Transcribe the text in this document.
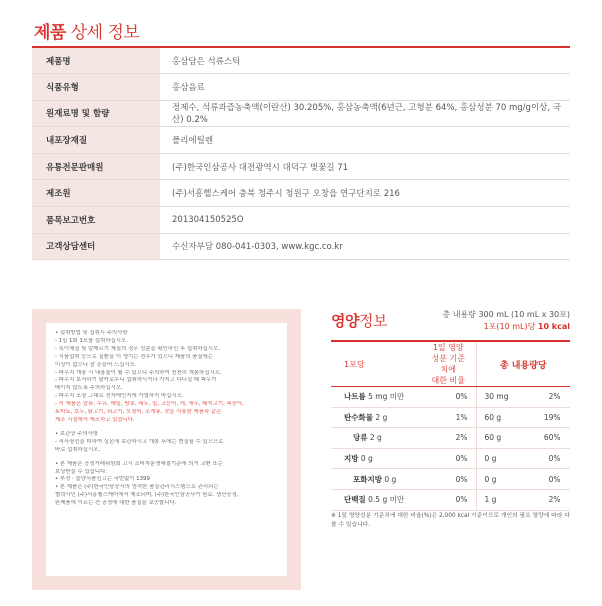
제품 상세 정보
제품명	홍삼담은 석류스틱
식품유형	홍삼음료
원재료명 및 함량	정제수, 석류과즙농축액(이란산) 30.205%, 홍삼농축액(6년근, 고형분 64%, 홍삼성분 70 mg/g이상, 국산) 0.2%
내포장재질	폴리에틸렌
유통전문판매원	(주)한국인삼공사 대전광역시 대덕구 벚꽃길 71
제조원	(주)서흥헬스케어 충북 청주시 청원구 오창읍 연구단지로 216
품목보고번호	201304150525O
고객상담센터	수신자부담 080-041-0303, www.kgc.co.kr
• 섭취방법 및 섭취시 주의사항
- 1일 1회 1포를 섭취하십시오.
- 특이체질 및 알레르기 체질의 경우 성분을 확인하신 후 섭취하십시오.
- 식품섭취 등으로 질환을 이 생기는 경우가 있으니 제품의 품질에는
이상이 없으니 잘 흔들어 드십시오.
- 파우치 개봉 시 내용물이 튈 수 있으니 주의하여 천천히 개봉하십시오.
- 파우치 보서하기 날카로우니 섭취하시거나 가지고 다니실 때 파우가
베이지 않도록 주의하십시오.
- 파우치 포장 그대로 전자레인지에 가열하지 마십시오.
- 이 제품은 알류, 우유, 메밀, 땅콩, 대두, 밀, 고등어, 게, 새우, 돼지고기, 복숭아,
토마토, 호두, 닭고기, 쇠고기, 오징어, 조개류, 잣을 사용한 제품과 같은
제조 시설에서 제조하고 있습니다.
• 보관상 주의사항
- 직사광선을 피하여 실온에 보관하시고 개봉 후에는 변질될 수 있으므로
바로 섭취하십시오.
• 본 제품은 공정거래위원회 고시 소비자분쟁해결기준에 의거 교환 또는
보상받을 수 있습니다.
• 부정 · 불량식품신고는 국번없이 1399
• 본 제품은 (주)한국인삼공사의 엄격한 품질관리시스템으로 관리되는
협력사인 (주)서흥헬스케어에서 제조되며, (주)한국인삼공사가 원료, 생산공정,
완제품에 이르는 전 공정에 대한 품질을 보증합니다.
영양정보	총 내용량 300 mL (10 mL x 30포)
1포(10 mL)당 10 kcal
1포당	1일 영양성분 기준치에
대한 비율	총 내용량당
나트륨 5 mg 미만	0%	30 mg 2%
탄수화물 2 g	1%	60 g 19%
당류 2 g	2%	60 g 60%
지방 0 g	0%	0 g 0%
포화지방 0 g	0%	0 g 0%
단백질 0.5 g 미만	0%	1 g 2%
※ 1일 영양성분 기준치에 대한 비율(%)은 2,000 kcal 기준이므로 개인의 필요 열량에 따라 다를 수 있습니다.
